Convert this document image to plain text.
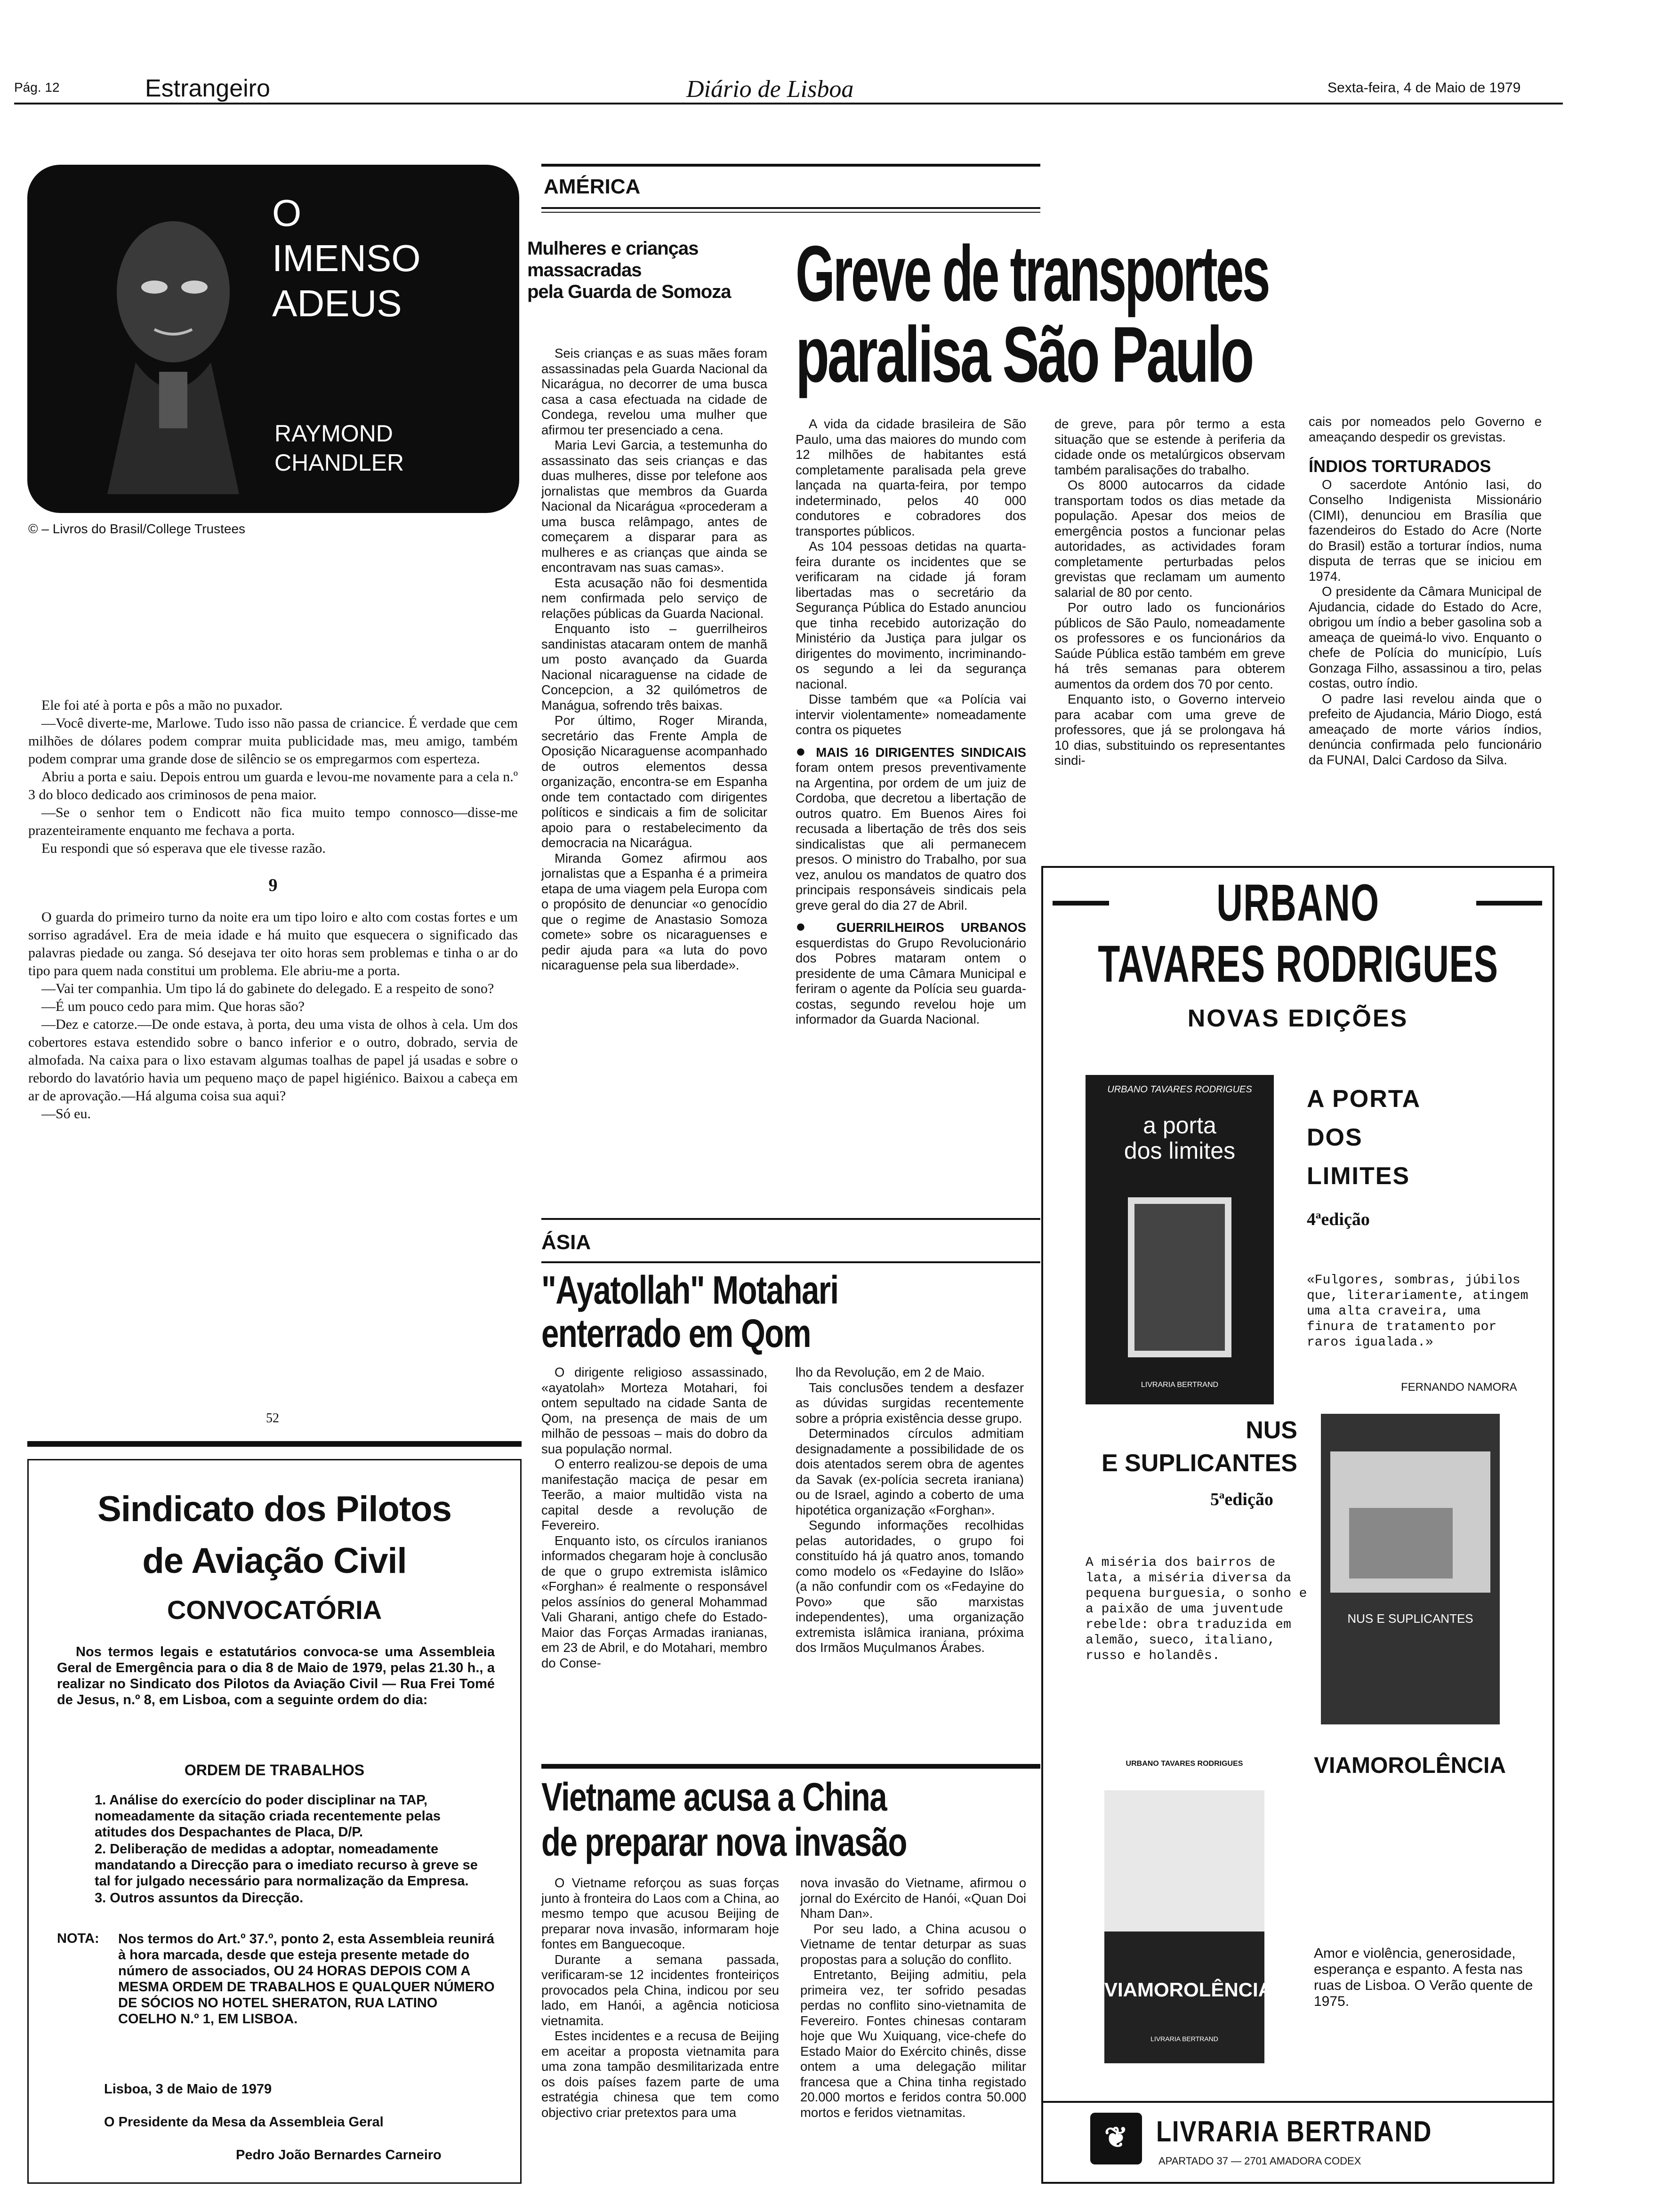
Pág. 12	Estrangeiro	Diário de Lisboa	Sexta-feira, 4 de Maio de 1979
O
IMENSO
ADEUS
RAYMOND
CHANDLER
© – Livros do Brasil/College Trustees

Ele foi até à porta e pôs a mão no puxador.

—Você diverte-me, Marlowe. Tudo isso não passa de criancice. É verdade que cem milhões de dólares podem comprar muita publicidade mas, meu amigo, também podem comprar uma grande dose de silêncio se os empregarmos com esperteza.

Abriu a porta e saiu. Depois entrou um guarda e levou-me novamente para a cela n.º 3 do bloco dedicado aos criminosos de pena maior.

—Se o senhor tem o Endicott não fica muito tempo connosco—disse-me prazenteiramente enquanto me fechava a porta.

Eu respondi que só esperava que ele tivesse razão.

9

O guarda do primeiro turno da noite era um tipo loiro e alto com costas fortes e um sorriso agradável. Era de meia idade e há muito que esquecera o significado das palavras piedade ou zanga. Só desejava ter oito horas sem problemas e tinha o ar do tipo para quem nada constitui um problema. Ele abriu-me a porta.

—Vai ter companhia. Um tipo lá do gabinete do delegado. E a respeito de sono?

—É um pouco cedo para mim. Que horas são?

—Dez e catorze.—De onde estava, à porta, deu uma vista de olhos à cela. Um dos cobertores estava estendido sobre o banco inferior e o outro, dobrado, servia de almofada. Na caixa para o lixo estavam algumas toalhas de papel já usadas e sobre o rebordo do lavatório havia um pequeno maço de papel higiénico. Baixou a cabeça em ar de aprovação.—Há alguma coisa sua aqui?

—Só eu.

52
Sindicato dos Pilotos
de Aviação Civil
CONVOCATÓRIA
Nos termos legais e estatutários convoca-se uma Assembleia Geral de Emergência para o dia 8 de Maio de 1979, pelas 21.30 h., a realizar no Sindicato dos Pilotos da Aviação Civil — Rua Frei Tomé de Jesus, n.º 8, em Lisboa, com a seguinte ordem do dia:
ORDEM DE TRABALHOS
1. Análise do exercício do poder disciplinar na TAP, nomeadamente da sitação criada recentemente pelas atitudes dos Despachantes de Placa, D/P.
2. Deliberação de medidas a adoptar, nomeadamente mandatando a Direcção para o imediato recurso à greve se tal for julgado necessário para normalização da Empresa.
3. Outros assuntos da Direcção.
NOTA: Nos termos do Art.º 37.º, ponto 2, esta Assembleia reunirá à hora marcada, desde que esteja presente metade do número de associados, OU 24 HORAS DEPOIS COM A MESMA ORDEM DE TRABALHOS E QUALQUER NÚMERO DE SÓCIOS NO HOTEL SHERATON, RUA LATINO COELHO N.º 1, EM LISBOA.
Lisboa, 3 de Maio de 1979
O Presidente da Mesa da Assembleia Geral
Pedro João Bernardes Carneiro
AMÉRICA
Mulheres e crianças
massacradas
pela Guarda de Somoza

Seis crianças e as suas mães foram assassinadas pela Guarda Nacional da Nicarágua, no decorrer de uma busca casa a casa efectuada na cidade de Condega, revelou uma mulher que afirmou ter presenciado a cena.

Maria Levi Garcia, a testemunha do assassinato das seis crianças e das duas mulheres, disse por telefone aos jornalistas que membros da Guarda Nacional da Nicarágua «procederam a uma busca relâmpago, antes de começarem a disparar para as mulheres e as crianças que ainda se encontravam nas suas camas».

Esta acusação não foi desmentida nem confirmada pelo serviço de relações públicas da Guarda Nacional.

Enquanto isto – guerrilheiros sandinistas atacaram ontem de manhã um posto avançado da Guarda Nacional nicaraguense na cidade de Concepcion, a 32 quilómetros de Manágua, sofrendo três baixas.

Por último, Roger Miranda, secretário das Frente Ampla de Oposição Nicaraguense acompanhado de outros elementos dessa organização, encontra-se em Espanha onde tem contactado com dirigentes políticos e sindicais a fim de solicitar apoio para o restabelecimento da democracia na Nicarágua.

Miranda Gomez afirmou aos jornalistas que a Espanha é a primeira etapa de uma viagem pela Europa com o propósito de denunciar «o genocídio que o regime de Anastasio Somoza comete» sobre os nicaraguenses e pedir ajuda para «a luta do povo nicaraguense pela sua liberdade».

Greve de transportes
paralisa São Paulo

A vida da cidade brasileira de São Paulo, uma das maiores do mundo com 12 milhões de habitantes está completamente paralisada pela greve lançada na quarta-feira, por tempo indeterminado, pelos 40 000 condutores e cobradores dos transportes públicos.

As 104 pessoas detidas na quarta-feira durante os incidentes que se verificaram na cidade já foram libertadas mas o secretário da Segurança Pública do Estado anunciou que tinha recebido autorização do Ministério da Justiça para julgar os dirigentes do movimento, incriminando-os segundo a lei da segurança nacional.

Disse também que «a Polícia vai intervir violentamente» nomeadamente contra os piquetes

● MAIS 16 DIRIGENTES SINDICAIS foram ontem presos preventivamente na Argentina, por ordem de um juiz de Cordoba, que decretou a libertação de outros quatro. Em Buenos Aires foi recusada a libertação de três dos seis sindicalistas que ali permanecem presos. O ministro do Trabalho, por sua vez, anulou os mandatos de quatro dos principais responsáveis sindicais pela greve geral do dia 27 de Abril.

● GUERRILHEIROS URBANOS esquerdistas do Grupo Revolucionário dos Pobres mataram ontem o presidente de uma Câmara Municipal e feriram o agente da Polícia seu guarda-costas, segundo revelou hoje um informador da Guarda Nacional.

de greve, para pôr termo a esta situação que se estende à periferia da cidade onde os metalúrgicos observam também paralisações do trabalho.

Os 8000 autocarros da cidade transportam todos os dias metade da população. Apesar dos meios de emergência postos a funcionar pelas autoridades, as actividades foram completamente perturbadas pelos grevistas que reclamam um aumento salarial de 80 por cento.

Por outro lado os funcionários públicos de São Paulo, nomeadamente os professores e os funcionários da Saúde Pública estão também em greve há três semanas para obterem aumentos da ordem dos 70 por cento.

Enquanto isto, o Governo interveio para acabar com uma greve de professores, que já se prolongava há 10 dias, substituindo os representantes sindi-

cais por nomeados pelo Governo e ameaçando despedir os grevistas.

ÍNDIOS TORTURADOS

O sacerdote António Iasi, do Conselho Indigenista Missionário (CIMI), denunciou em Brasília que fazendeiros do Estado do Acre (Norte do Brasil) estão a torturar índios, numa disputa de terras que se iniciou em 1974.

O presidente da Câmara Municipal de Ajudancia, cidade do Estado do Acre, obrigou um índio a beber gasolina sob a ameaça de queimá-lo vivo. Enquanto o chefe de Polícia do município, Luís Gonzaga Filho, assassinou a tiro, pelas costas, outro índio.

O padre Iasi revelou ainda que o prefeito de Ajudancia, Mário Diogo, está ameaçado de morte vários índios, denúncia confirmada pelo funcionário da FUNAI, Dalci Cardoso da Silva.

ÁSIA
"Ayatollah" Motahari
enterrado em Qom

O dirigente religioso assassinado, «ayatolah» Morteza Motahari, foi ontem sepultado na cidade Santa de Qom, na presença de mais de um milhão de pessoas – mais do dobro da sua população normal.

O enterro realizou-se depois de uma manifestação maciça de pesar em Teerão, a maior multidão vista na capital desde a revolução de Fevereiro.

Enquanto isto, os círculos iranianos informados chegaram hoje à conclusão de que o grupo extremista islâmico «Forghan» é realmente o responsável pelos assínios do general Mohammad Vali Gharani, antigo chefe do Estado-Maior das Forças Armadas iranianas, em 23 de Abril, e do Motahari, membro do Conse-

lho da Revolução, em 2 de Maio.

Tais conclusões tendem a desfazer as dúvidas surgidas recentemente sobre a própria existência desse grupo.

Determinados círculos admitiam designadamente a possibilidade de os dois atentados serem obra de agentes da Savak (ex-polícia secreta iraniana) ou de Israel, agindo a coberto de uma hipotética organização «Forghan».

Segundo informações recolhidas pelas autoridades, o grupo foi constituído há já quatro anos, tomando como modelo os «Fedayine do Islão» (a não confundir com os «Fedayine do Povo» que são marxistas independentes), uma organização extremista islâmica iraniana, próxima dos Irmãos Muçulmanos Árabes.

Vietname acusa a China
de preparar nova invasão

O Vietname reforçou as suas forças junto à fronteira do Laos com a China, ao mesmo tempo que acusou Beijing de preparar nova invasão, informaram hoje fontes em Banguecoque.

Durante a semana passada, verificaram-se 12 incidentes fronteiriços provocados pela China, indicou por seu lado, em Hanói, a agência noticiosa vietnamita.

Estes incidentes e a recusa de Beijing em aceitar a proposta vietnamita para uma zona tampão desmilitarizada entre os dois países fazem parte de uma estratégia chinesa que tem como objectivo criar pretextos para uma

nova invasão do Vietname, afirmou o jornal do Exército de Hanói, «Quan Doi Nham Dan».

Por seu lado, a China acusou o Vietname de tentar deturpar as suas propostas para a solução do conflito.

Entretanto, Beijing admitiu, pela primeira vez, ter sofrido pesadas perdas no conflito sino-vietnamita de Fevereiro. Fontes chinesas contaram hoje que Wu Xuiquang, vice-chefe do Estado Maior do Exército chinês, disse ontem a uma delegação militar francesa que a China tinha registado 20.000 mortos e feridos contra 50.000 mortos e feridos vietnamitas.

URBANO
TAVARES RODRIGUES
NOVAS EDIÇÕES
URBANO TAVARES RODRIGUES
a porta
dos limites
LIVRARIA BERTRAND
A PORTA
DOS
LIMITES
4ªedição
«Fulgores, sombras, júbilos que, literariamente, atingem uma alta craveira, uma finura de tratamento por raros igualada.»
FERNANDO NAMORA
NUS
E SUPLICANTES
5ªedição
NUS E SUPLICANTES
A miséria dos bairros de lata, a miséria diversa da pequena burguesia, o sonho e a paixão de uma juventude rebelde: obra traduzida em alemão, sueco, italiano, russo e holandês.
URBANO TAVARES RODRIGUES
VIAMOROLÊNCIA
LIVRARIA BERTRAND
VIAMOROLÊNCIA
Amor e violência, generosidade, esperança e espanto. A festa nas ruas de Lisboa. O Verão quente de 1975.
❦ LIVRARIA BERTRAND
APARTADO 37 — 2701 AMADORA CODEX
